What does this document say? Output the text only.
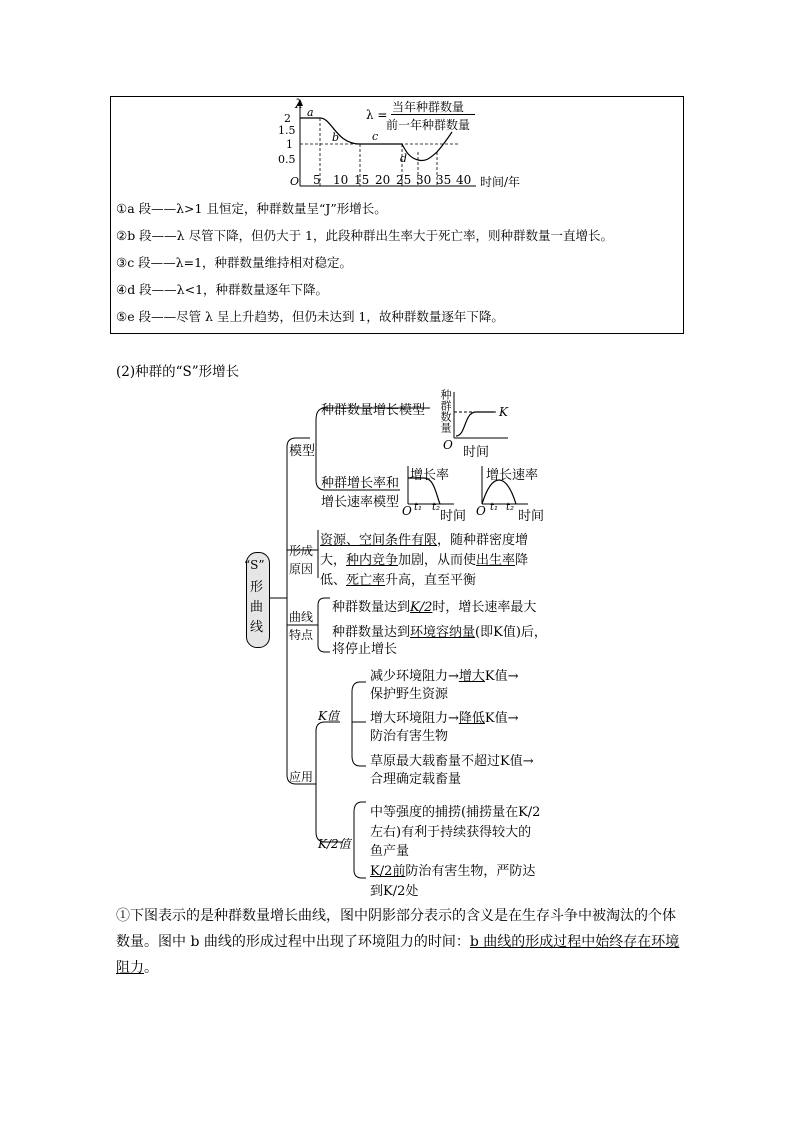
λ
2
1.5
1
0.5
O
a
b	c
d
5 10 15 20 25 30 35 40 时间/年
λ =
当年种群数量
前一年种群数量
①a 段——λ>1 且恒定，种群数量呈“J”形增长。
②b 段——λ 尽管下降，但仍大于 1，此段种群出生率大于死亡率，则种群数量一直增长。
③c 段——λ=1，种群数量维持相对稳定。
④d 段——λ<1，种群数量逐年下降。
⑤e 段——尽管 λ 呈上升趋势，但仍未达到 1，故种群数量逐年下降。
(2)种群的“S”形增长
“S”
形
曲
线
模型
种群数量增长模型
种群增长率和
增长速率模型
种群数量	K
O 时间
增长率
O t₁ t₂
时间
增长速率
O t₁ t₂
时间
形成
原因
资源、空间条件有限，随种群密度增
大，种内竞争加剧，从而使出生率降
低、死亡率升高，直至平衡
曲线
特点
种群数量达到K/2时，增长速率最大
种群数量达到环境容纳量(即K值)后，
将停止增长
应用
K值
减少环境阻力→增大K值→
保护野生资源
增大环境阻力→降低K值→
防治有害生物
草原最大载畜量不超过K值→
合理确定载畜量
K/2值
中等强度的捕捞(捕捞量在K/2
左右)有利于持续获得较大的
鱼产量
K/2前防治有害生物，严防达
到K/2处
①下图表示的是种群数量增长曲线，图中阴影部分表示的含义是在生存斗争中被淘汰的个体数量。图中 b 曲线的形成过程中出现了环境阻力的时间：b 曲线的形成过程中始终存在环境阻力。
